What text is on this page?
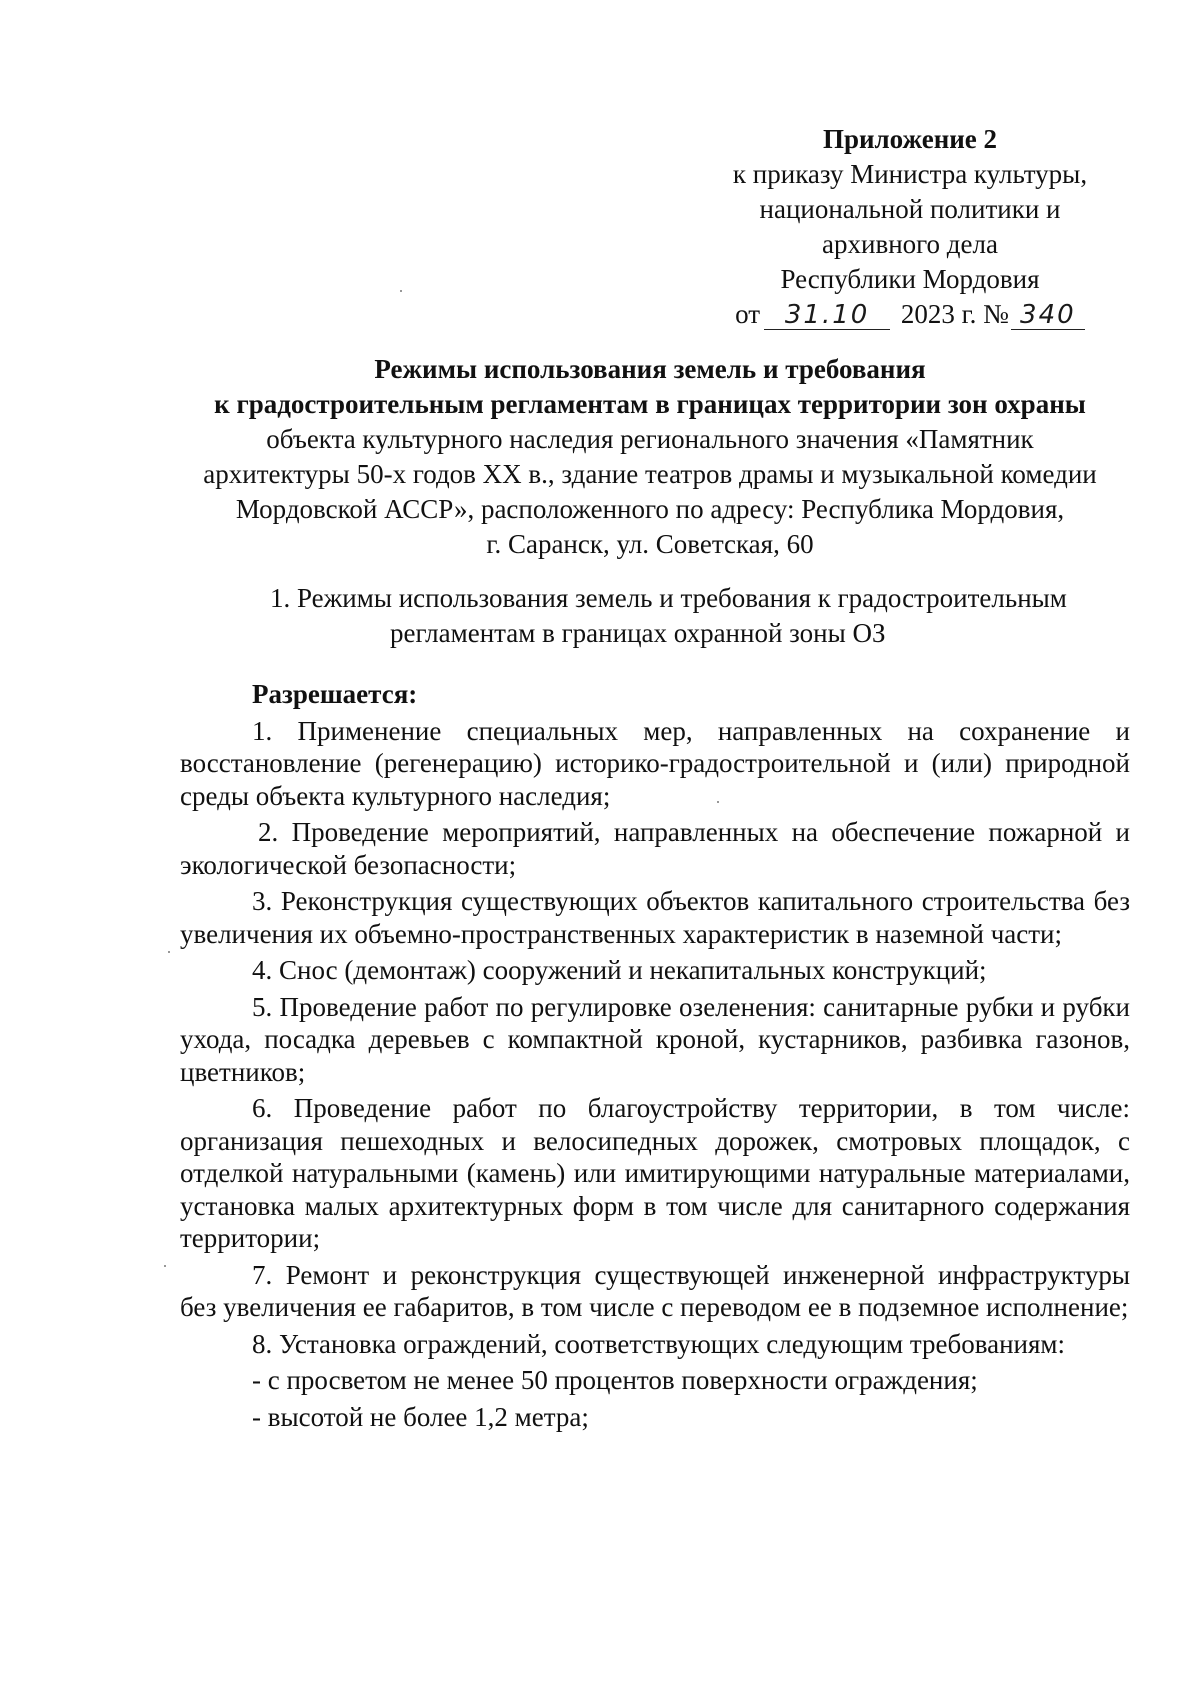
Приложение 2
к приказу Министра культуры,
национальной политики и
архивного дела
Республики Мордовия
от 31.10 2023 г. № 340
Режимы использования земель и требования
к градостроительным регламентам в границах территории зон охраны
объекта культурного наследия регионального значения «Памятник
архитектуры 50-х годов XX в., здание театров драмы и музыкальной комедии
Мордовской АССР», расположенного по адресу: Республика Мордовия,
г. Саранск, ул. Советская, 60
1. Режимы использования земель и требования к градостроительным
регламентам в границах охранной зоны ОЗ
Разрешается:

1. Применение специальных мер, направленных на сохранение и восстановление (регенерацию) историко-градостроительной и (или) природной среды объекта культурного наследия;

2. Проведение мероприятий, направленных на обеспечение пожарной и экологической безопасности;

3. Реконструкция существующих объектов капитального строительства без увеличения их объемно-пространственных характеристик в наземной части;

4. Снос (демонтаж) сооружений и некапитальных конструкций;

5. Проведение работ по регулировке озеленения: санитарные рубки и рубки ухода, посадка деревьев с компактной кроной, кустарников, разбивка газонов, цветников;

6. Проведение работ по благоустройству территории, в том числе: организация пешеходных и велосипедных дорожек, смотровых площадок, с отделкой натуральными (камень) или имитирующими натуральные материалами, установка малых архитектурных форм в том числе для санитарного содержания территории;

7. Ремонт и реконструкция существующей инженерной инфраструктуры без увеличения ее габаритов, в том числе с переводом ее в подземное исполнение;

8. Установка ограждений, соответствующих следующим требованиям:

- с просветом не менее 50 процентов поверхности ограждения;
- высотой не более 1,2 метра;
